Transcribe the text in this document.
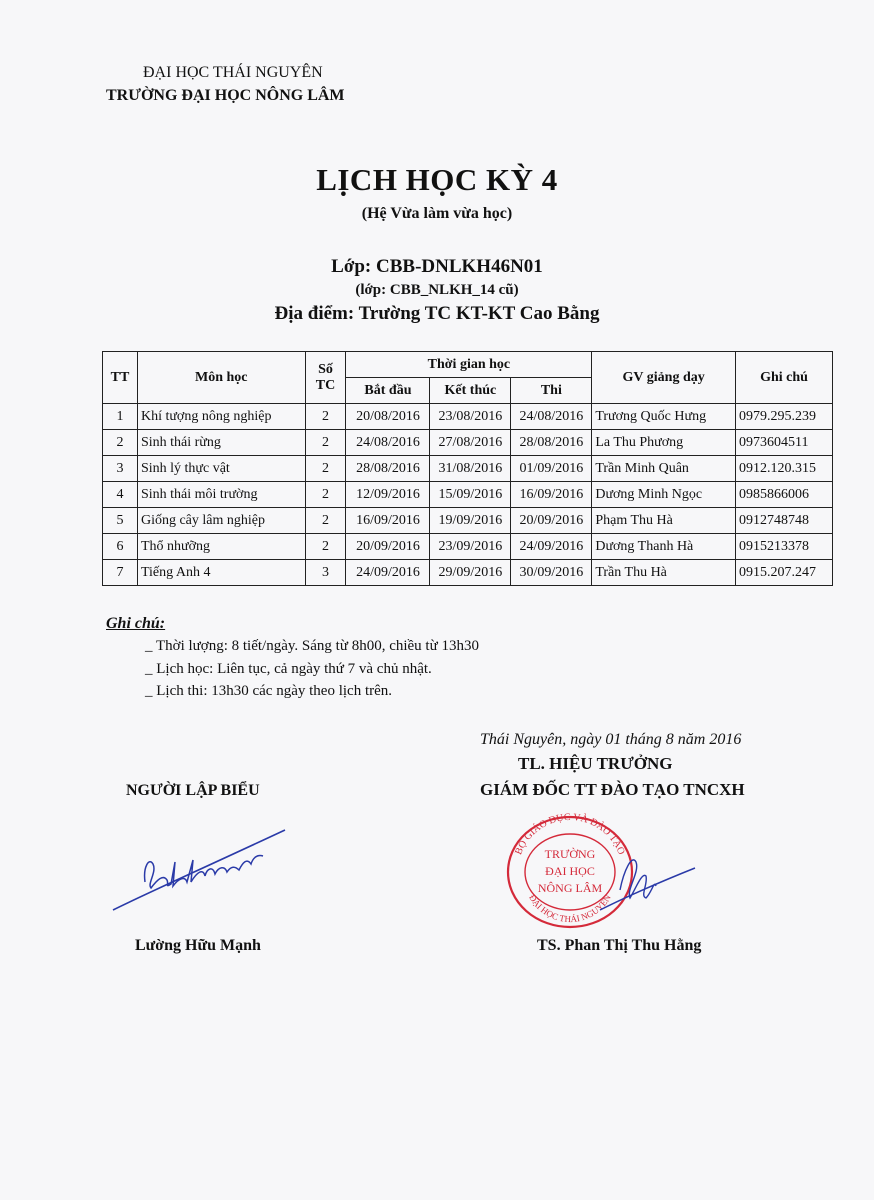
ĐẠI HỌC THÁI NGUYÊN
TRƯỜNG ĐẠI HỌC NÔNG LÂM
LỊCH HỌC KỲ 4
(Hệ Vừa làm vừa học)
Lớp: CBB-DNLKH46N01
(lớp: CBB_NLKH_14 cũ)
Địa điểm: Trường TC KT-KT Cao Bằng
TT	Môn học	Số TC	Thời gian học			GV giảng dạy	Ghi chú
			Bắt đầu	Kết thúc	Thi		
1	Khí tượng nông nghiệp	2	20/08/2016	23/08/2016	24/08/2016	Trương Quốc Hưng	0979.295.239
2	Sinh thái rừng	2	24/08/2016	27/08/2016	28/08/2016	La Thu Phương	0973604511
3	Sinh lý thực vật	2	28/08/2016	31/08/2016	01/09/2016	Trần Minh Quân	0912.120.315
4	Sinh thái môi trường	2	12/09/2016	15/09/2016	16/09/2016	Dương Minh Ngọc	0985866006
5	Giống cây lâm nghiệp	2	16/09/2016	19/09/2016	20/09/2016	Phạm Thu Hà	0912748748
6	Thổ nhưỡng	2	20/09/2016	23/09/2016	24/09/2016	Dương Thanh Hà	0915213378
7	Tiếng Anh 4	3	24/09/2016	29/09/2016	30/09/2016	Trần Thu Hà	0915.207.247
Ghi chú:
_ Thời lượng: 8 tiết/ngày. Sáng từ 8h00, chiều từ 13h30
_ Lịch học: Liên tục, cả ngày thứ 7 và chủ nhật.
_ Lịch thi: 13h30 các ngày theo lịch trên.
Thái Nguyên, ngày 01 tháng 8 năm 2016
TL. HIỆU TRƯỞNG
GIÁM ĐỐC TT ĐÀO TẠO TNCXH
NGƯỜI LẬP BIỂU
Lường Hữu Mạnh	TS. Phan Thị Thu Hằng
BỘ GIÁO DỤC VÀ ĐÀO TẠO
ĐẠI HỌC THÁI NGUYÊN
TRƯỜNG
ĐẠI HỌC
NÔNG LÂM
